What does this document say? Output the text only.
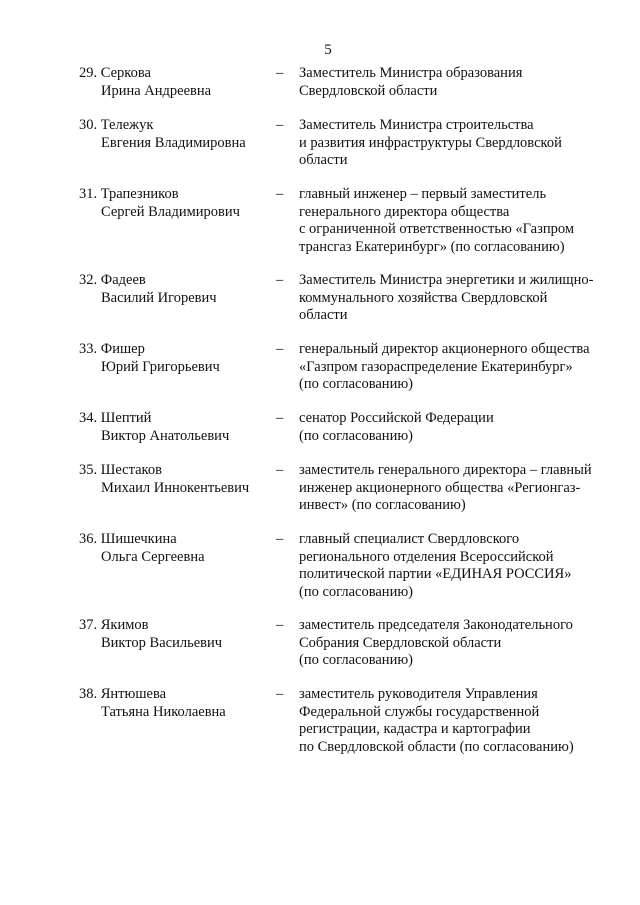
5
29. Серкова
Ирина Андреевна
– Заместитель Министра образования
Свердловской области
30. Тележук
Евгения Владимировна
– Заместитель Министра строительства
и развития инфраструктуры Свердловской
области
31. Трапезников
Сергей Владимирович
– главный инженер – первый заместитель
генерального директора общества
с ограниченной ответственностью «Газпром
трансгаз Екатеринбург» (по согласованию)
32. Фадеев
Василий Игоревич
– Заместитель Министра энергетики и жилищно-
коммунального хозяйства Свердловской
области
33. Фишер
Юрий Григорьевич
– генеральный директор акционерного общества
«Газпром газораспределение Екатеринбург»
(по согласованию)
34. Шептий
Виктор Анатольевич
– сенатор Российской Федерации
(по согласованию)
35. Шестаков
Михаил Иннокентьевич
– заместитель генерального директора – главный
инженер акционерного общества «Регионгаз-
инвест» (по согласованию)
36. Шишечкина
Ольга Сергеевна
– главный специалист Свердловского
регионального отделения Всероссийской
политической партии «ЕДИНАЯ РОССИЯ»
(по согласованию)
37. Якимов
Виктор Васильевич
– заместитель председателя Законодательного
Собрания Свердловской области
(по согласованию)
38. Янтюшева
Татьяна Николаевна
– заместитель руководителя Управления
Федеральной службы государственной
регистрации, кадастра и картографии
по Свердловской области (по согласованию)
